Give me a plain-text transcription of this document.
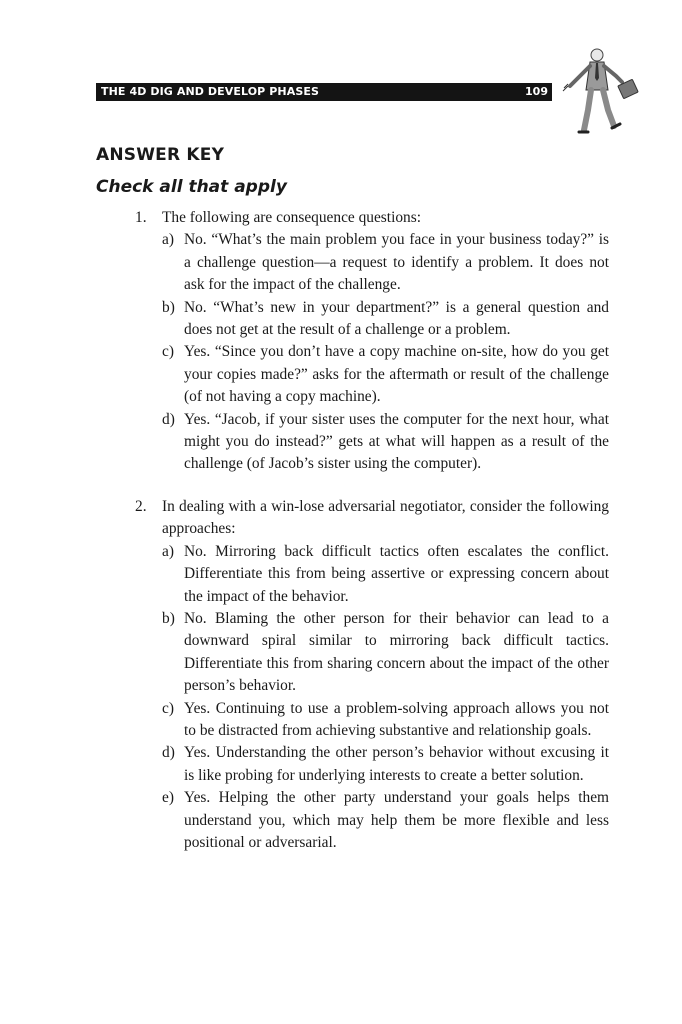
THE 4D DIG AND DEVELOP PHASES	109
ANSWER KEY
Check all that apply
1. The following are consequence questions:
a) No. “What’s the main problem you face in your business today?” is a challenge question—a request to identify a problem. It does not ask for the impact of the challenge.
b) No. “What’s new in your department?” is a general question and does not get at the result of a challenge or a problem.
c) Yes. “Since you don’t have a copy machine on-site, how do you get your copies made?” asks for the aftermath or result of the challenge (of not having a copy machine).
d) Yes. “Jacob, if your sister uses the computer for the next hour, what might you do instead?” gets at what will happen as a result of the challenge (of Jacob’s sister using the computer).
2. In dealing with a win-lose adversarial negotiator, consider the following approaches:
a) No. Mirroring back difficult tactics often escalates the conflict. Differentiate this from being assertive or expressing concern about the impact of the behavior.
b) No. Blaming the other person for their behavior can lead to a downward spiral similar to mirroring back difficult tactics. Differentiate this from sharing concern about the impact of the other person’s behavior.
c) Yes. Continuing to use a problem-solving approach allows you not to be distracted from achieving substantive and relationship goals.
d) Yes. Understanding the other person’s behavior without excusing it is like probing for underlying interests to create a better solution.
e) Yes. Helping the other party understand your goals helps them understand you, which may help them be more flexible and less positional or adversarial.
